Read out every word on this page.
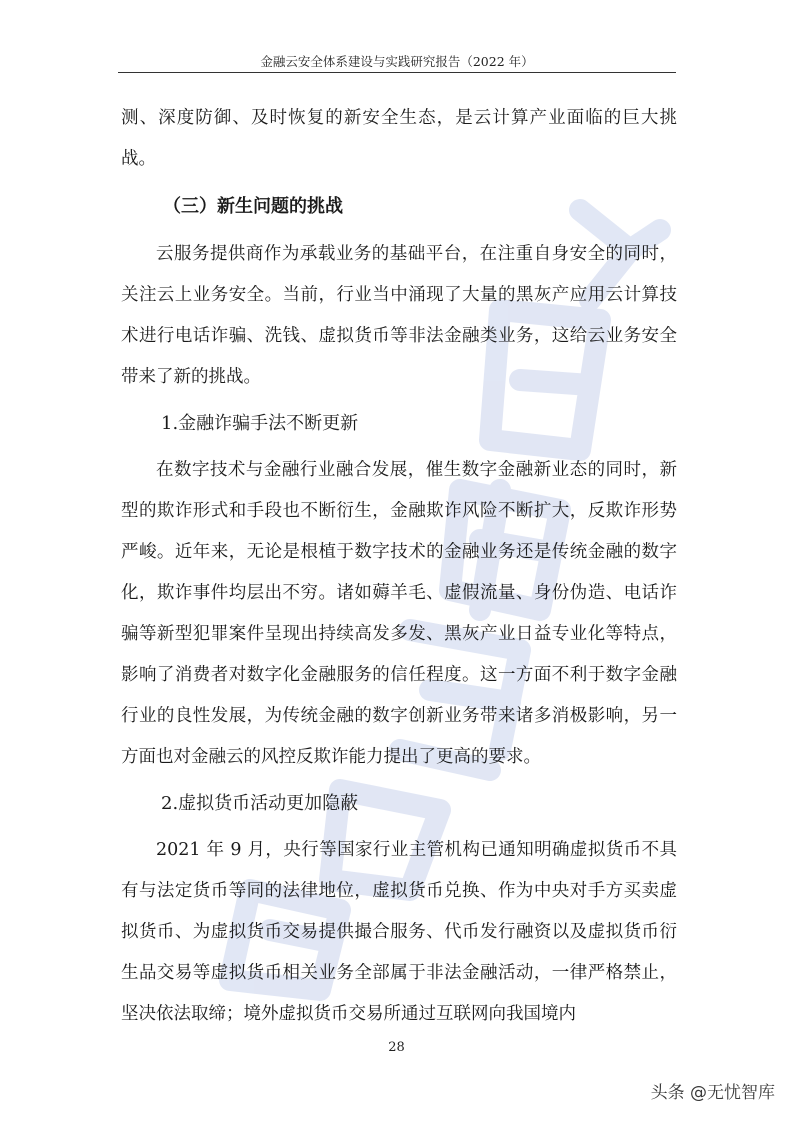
金融云安全体系建设与实践研究报告（2022 年）

测、深度防御、及时恢复的新安全生态，是云计算产业面临的巨大挑战。

（三）新生问题的挑战

云服务提供商作为承载业务的基础平台，在注重自身安全的同时，关注云上业务安全。当前，行业当中涌现了大量的黑灰产应用云计算技术进行电话诈骗、洗钱、虚拟货币等非法金融类业务，这给云业务安全带来了新的挑战。

1.金融诈骗手法不断更新

在数字技术与金融行业融合发展，催生数字金融新业态的同时，新型的欺诈形式和手段也不断衍生，金融欺诈风险不断扩大，反欺诈形势严峻。近年来，无论是根植于数字技术的金融业务还是传统金融的数字化，欺诈事件均层出不穷。诸如薅羊毛、虚假流量、身份伪造、电话诈骗等新型犯罪案件呈现出持续高发多发、黑灰产业日益专业化等特点，影响了消费者对数字化金融服务的信任程度。这一方面不利于数字金融行业的良性发展，为传统金融的数字创新业务带来诸多消极影响，另一方面也对金融云的风控反欺诈能力提出了更高的要求。

2.虚拟货币活动更加隐蔽

2021 年 9 月，央行等国家行业主管机构已通知明确虚拟货币不具有与法定货币等同的法律地位，虚拟货币兑换、作为中央对手方买卖虚拟货币、为虚拟货币交易提供撮合服务、代币发行融资以及虚拟货币衍生品交易等虚拟货币相关业务全部属于非法金融活动，一律严格禁止，坚决依法取缔；境外虚拟货币交易所通过互联网向我国境内

28
头条 @无忧智库
